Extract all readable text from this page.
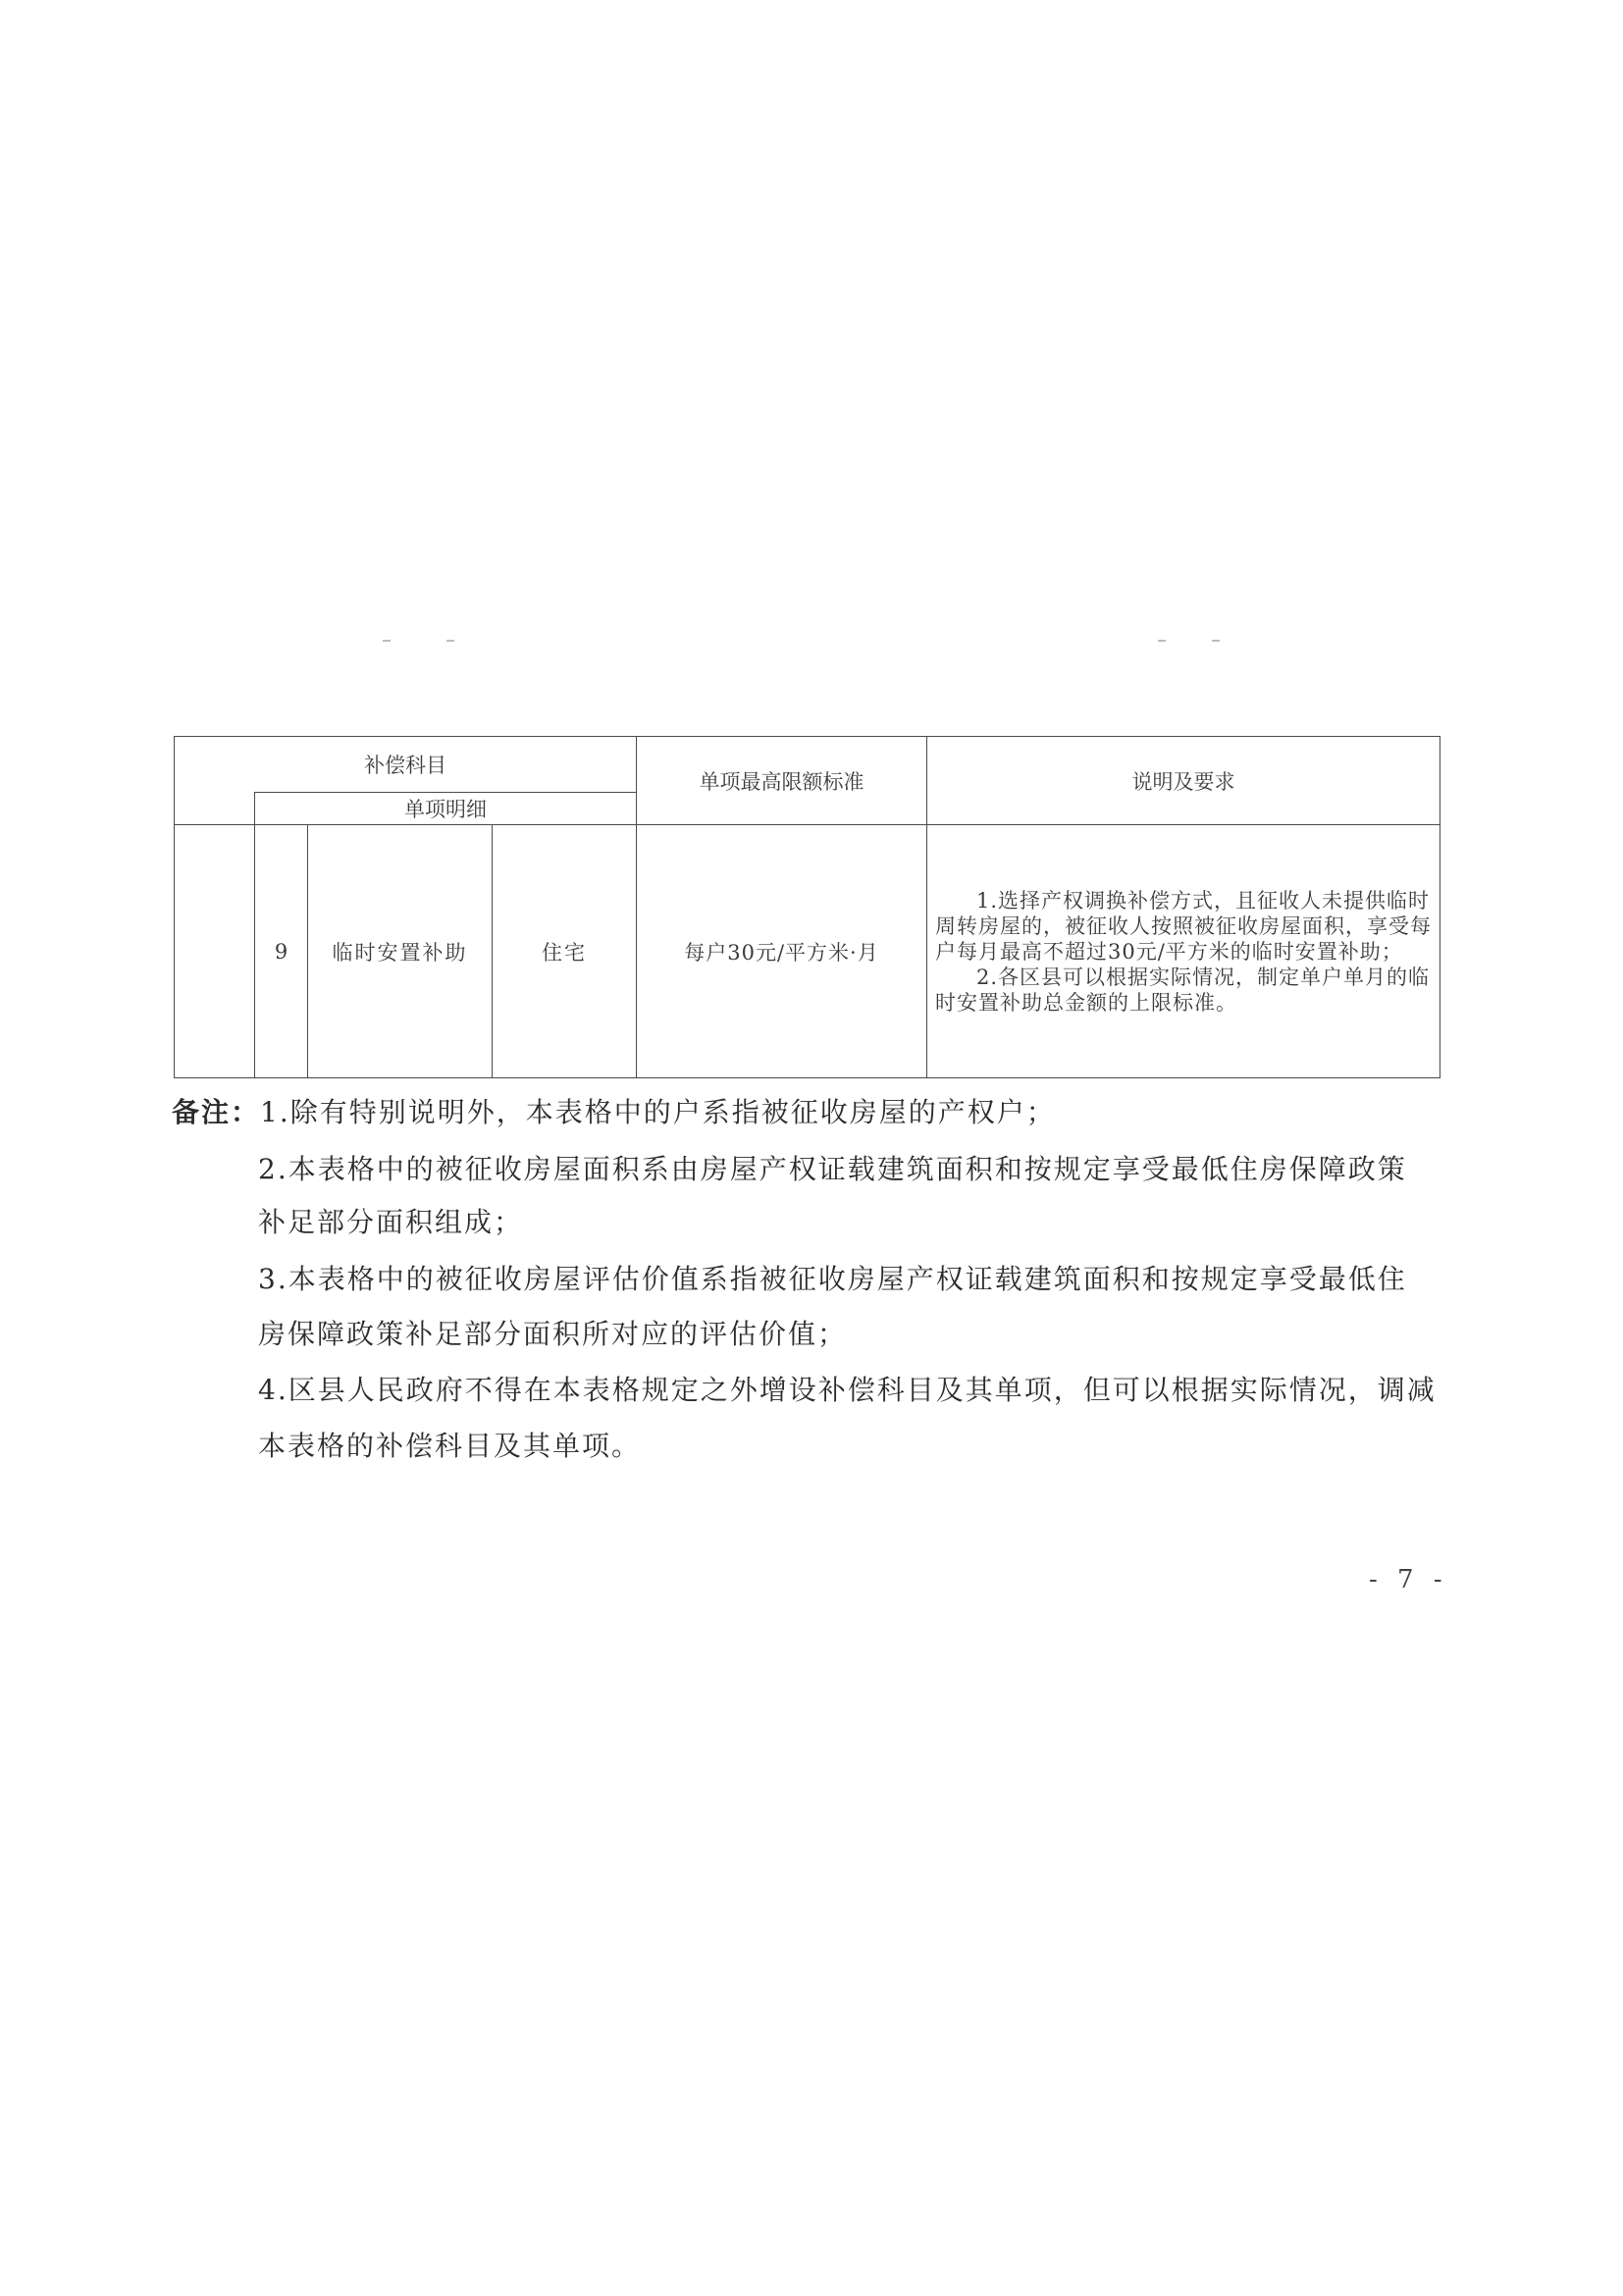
补偿科目				单项最高限额标准	说明及要求
	单项明细				
	9	临时安置补助	住宅	每户30元/平方米·月	1.选择产权调换补偿方式，且征收人未提供临时周转房屋的，被征收人按照被征收房屋面积，享受每户每月最高不超过30元/平方米的临时安置补助；

2.各区县可以根据实际情况，制定单户单月的临时安置补助总金额的上限标准。

备注：1.除有特别说明外，本表格中的户系指被征收房屋的产权户；
2.本表格中的被征收房屋面积系由房屋产权证载建筑面积和按规定享受最低住房保障政策
补足部分面积组成；
3.本表格中的被征收房屋评估价值系指被征收房屋产权证载建筑面积和按规定享受最低住
房保障政策补足部分面积所对应的评估价值；
4.区县人民政府不得在本表格规定之外增设补偿科目及其单项，但可以根据实际情况，调减
本表格的补偿科目及其单项。
- 7 -
